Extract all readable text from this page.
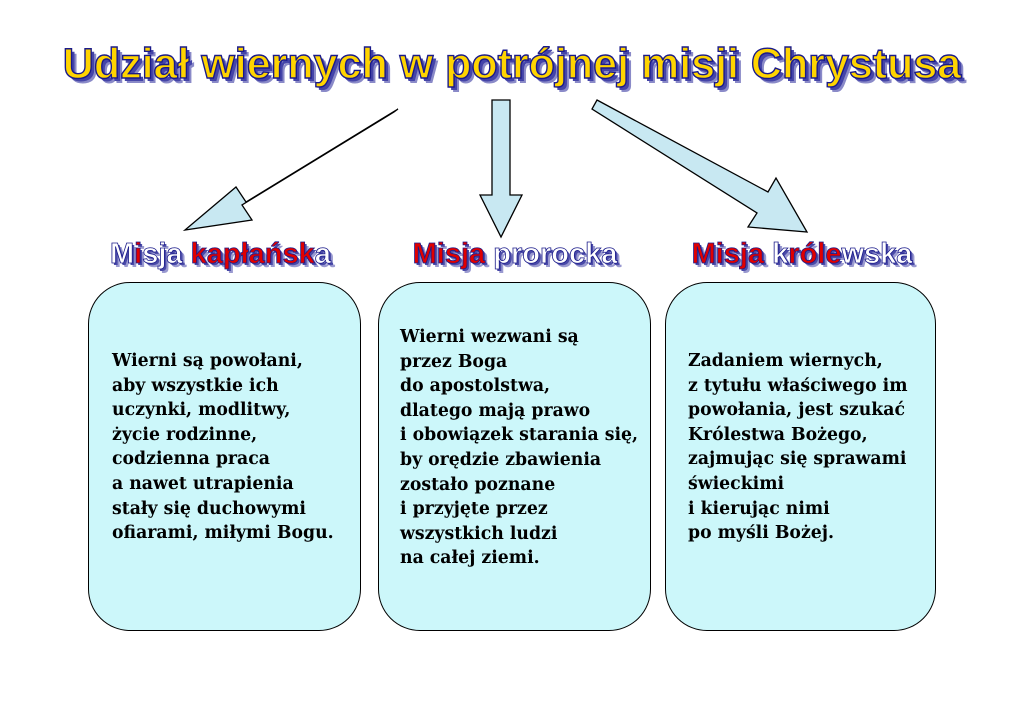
Udział wiernych w potrójnej misji Chrystusa
Misja kapłańska	Misja prorocka	Misja królewska

Wierni są powołani,
aby wszystkie ich
uczynki, modlitwy,
życie rodzinne,
codzienna praca
a nawet utrapienia
stały się duchowymi
ofiarami, miłymi Bogu.

Wierni wezwani są
przez Boga
do apostolstwa,
dlatego mają prawo
i obowiązek starania się,
by orędzie zbawienia
zostało poznane
i przyjęte przez
wszystkich ludzi
na całej ziemi.

Zadaniem wiernych,
z tytułu właściwego im
powołania, jest szukać
Królestwa Bożego,
zajmując się sprawami
świeckimi
i kierując nimi
po myśli Bożej.
